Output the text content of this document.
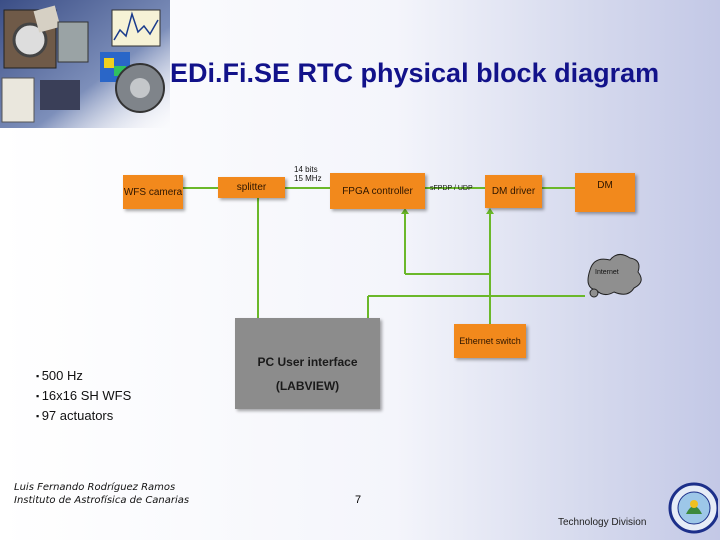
EDi.Fi.SE RTC physical block diagram
WFS camera	splitter	FPGA controller	DM driver
DM
Ethernet switch
PC User interface
(LABVIEW)
Internet
14 bits 15 MHz
sFPDP / UDP
▪ 500 Hz
▪ 16x16 SH WFS
▪ 97 actuators
Luis Fernando Rodríguez Ramos
Instituto de Astrofísica de Canarias	7
Technology Division
